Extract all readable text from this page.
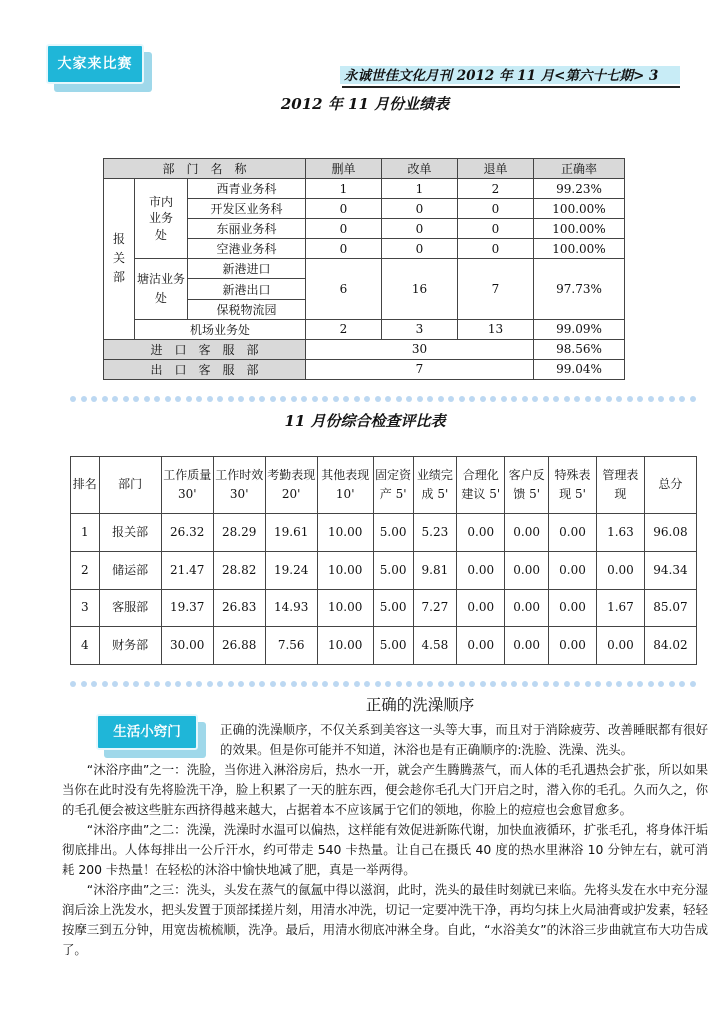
大家来比赛
永诚世佳文化月刊 2012 年 11 月<第六十七期> 3
2012 年 11 月份业绩表
部　门　名　称			删单	改单	退单	正确率

报关部	市内业务处	西青业务科	1	1	2	99.23%
		开发区业务科	0	0	0	100.00%
		东丽业务科	0	0	0	100.00%
		空港业务科	0	0	0	100.00%

	塘沽业务处	新港进口	6	16	7	97.73%
		新港出口				
		保税物流园				
	机场业务处		2	3	13	99.09%
进　口　客　服　部			30			98.56%
出　口　客　服　部			7			99.04%
11 月份综合检查评比表
排名	部门	工作质量 30'	工作时效 30'	考勤表现 20'	其他表现 10'	固定资产 5'	业绩完成 5'	合理化建议 5'	客户反馈 5'	特殊表现 5'	管理表现	总分
1	报关部	26.32	28.29	19.61	10.00	5.00	5.23	0.00	0.00	0.00	1.63	96.08
2	储运部	21.47	28.82	19.24	10.00	5.00	9.81	0.00	0.00	0.00	0.00	94.34
3	客服部	19.37	26.83	14.93	10.00	5.00	7.27	0.00	0.00	0.00	1.67	85.07
4	财务部	30.00	26.88	7.56	10.00	5.00	4.58	0.00	0.00	0.00	0.00	84.02
正确的洗澡顺序

正确的洗澡顺序，不仅关系到美容这一头等大事，而且对于消除疲劳、改善睡眠都有很好的效果。但是你可能并不知道，沐浴也是有正确顺序的:洗脸、洗澡、洗头。

“沐浴序曲”之一：洗脸，当你进入淋浴房后，热水一开，就会产生腾腾蒸气，而人体的毛孔遇热会扩张，所以如果当你在此时没有先将脸洗干净，脸上积累了一天的脏东西，便会趁你毛孔大门开启之时，潜入你的毛孔。久而久之，你的毛孔便会被这些脏东西挤得越来越大，占据着本不应该属于它们的领地，你脸上的痘痘也会愈冒愈多。

“沐浴序曲”之二：洗澡，洗澡时水温可以偏热，这样能有效促进新陈代谢，加快血液循环，扩张毛孔，将身体汗垢彻底排出。人体每排出一公斤汗水，约可带走 540 卡热量。让自己在摄氏 40 度的热水里淋浴 10 分钟左右，就可消耗 200 卡热量！在轻松的沐浴中愉快地减了肥，真是一举两得。

“沐浴序曲”之三：洗头，头发在蒸气的氤氲中得以滋润，此时，洗头的最佳时刻就已来临。先将头发在水中充分湿润后涂上洗发水，把头发置于顶部揉搓片刻，用清水冲洗，切记一定要冲洗干净，再均匀抹上火局油膏或护发素，轻轻按摩三到五分钟，用宽齿梳梳顺，洗净。最后，用清水彻底冲淋全身。自此，“水浴美女”的沐浴三步曲就宣布大功告成了。

生活小窍门
